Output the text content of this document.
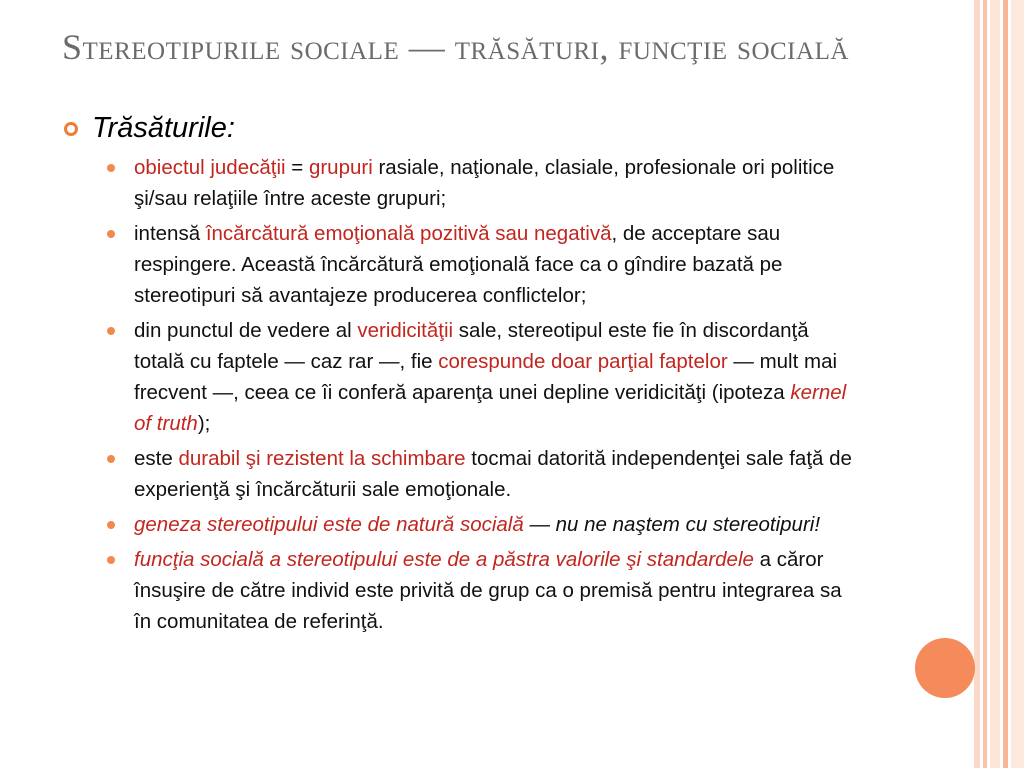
Stereotipurile sociale — trăsături, funcţie socială
Trăsăturile:
obiectul judecăţii = grupuri rasiale, naţionale, clasiale, profesionale ori politice şi/sau relaţiile între aceste grupuri;
intensă încărcătură emoţională pozitivă sau negativă, de acceptare sau respingere. Această încărcătură emoţională face ca o gîndire bazată pe stereotipuri să avantajeze producerea conflictelor;
din punctul de vedere al veridicităţii sale, stereotipul este fie în discordanţă totală cu faptele — caz rar —, fie corespunde doar parţial faptelor — mult mai frecvent —, ceea ce îi conferă aparenţa unei depline veridicităţi (ipoteza kernel of truth);
este durabil şi rezistent la schimbare tocmai datorită independenţei sale faţă de experienţă şi încărcăturii sale emoţionale.
geneza stereotipului este de natură socială — nu ne naştem cu stereotipuri!
funcţia socială a stereotipului este de a păstra valorile şi standardele a căror însuşire de către individ este privită de grup ca o premisă pentru integrarea sa în comunitatea de referinţă.
